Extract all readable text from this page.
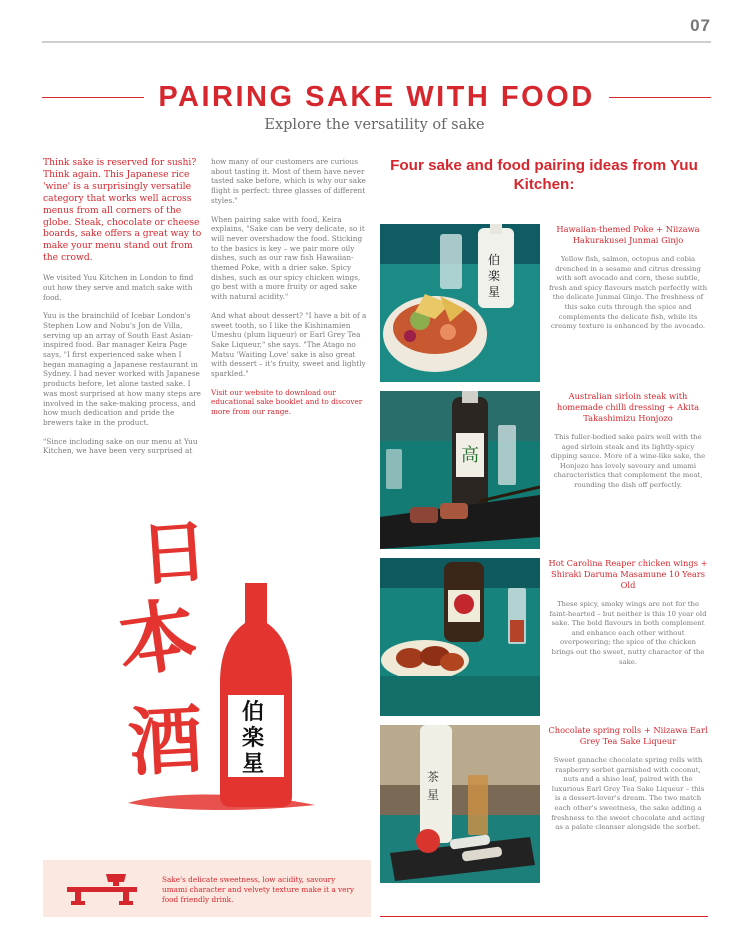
07
PAIRING SAKE WITH FOOD
Explore the versatility of sake

Think sake is reserved for sushi? Think again. This Japanese rice 'wine' is a surprisingly versatile category that works well across menus from all corners of the globe. Steak, chocolate or cheese boards, sake offers a great way to make your menu stand out from the crowd.

We visited Yuu Kitchen in London to find out how they serve and match sake with food.

Yuu is the brainchild of Icebar London's Stephen Low and Nobu's Jon de Villa, serving up an array of South East Asian-inspired food. Bar manager Keira Page says, "I first experienced sake when I began managing a Japanese restaurant in Sydney. I had never worked with Japanese products before, let alone tasted sake. I was most surprised at how many steps are involved in the sake-making process, and how much dedication and pride the brewers take in the product.

"Since including sake on our menu at Yuu Kitchen, we have been very surprised at

how many of our customers are curious about tasting it. Most of them have never tasted sake before, which is why our sake flight is perfect: three glasses of different styles."

When pairing sake with food, Keira explains, "Sake can be very delicate, so it will never overshadow the food. Sticking to the basics is key – we pair more oily dishes, such as our raw fish Hawaiian-themed Poke, with a drier sake. Spicy dishes, such as our spicy chicken wings, go best with a more fruity or aged sake with natural acidity."

And what about dessert? "I have a bit of a sweet tooth, so I like the Kishinamien Umeshu (plum liqueur) or Earl Grey Tea Sake Liqueur," she says. "The Atago no Matsu 'Waiting Love' sake is also great with dessert – it's fruity, sweet and lightly sparkled."

Visit our website to download our educational sake booklet and to discover more from our range.

Four sake and food pairing ideas from Yuu Kitchen:
伯
楽
星
Hawaiian-themed Poke + Niizawa Hakurakusei Junmai Ginjo
Yellow fish, salmon, octopus and cobia drenched in a sesame and citrus dressing with soft avocado and corn, these subtle, fresh and spicy flavours match perfectly with the delicate Junmai Ginjo. The freshness of this sake cuts through the spice and complements the delicate fish, while its creamy texture is enhanced by the avocado.
高
Australian sirloin steak with homemade chilli dressing + Akita Takashimizu Honjozo
This fuller-bodied sake pairs well with the aged sirloin steak and its lightly-spicy dipping sauce. More of a wine-like sake, the Honjozo has lovely savoury and umami characteristics that complement the meat, rounding the dish off perfectly.
Hot Carolina Reaper chicken wings + Shiraki Daruma Masamune 10 Years Old
These spicy, smoky wings are not for the faint-hearted – but neither is this 10 year old sake. The bold flavours in both complement and enhance each other without overpowering; the spice of the chicken brings out the sweet, nutty character of the sake.
茶
星
Chocolate spring rolls + Niizawa Earl Grey Tea Sake Liqueur
Sweet ganache chocolate spring rolls with raspberry sorbet garnished with coconut, nuts and a shiso leaf, paired with the luxurious Earl Grey Tea Sake Liqueur – this is a dessert-lover's dream. The two match each other's sweetness, the sake adding a freshness to the sweet chocolate and acting as a palate cleanser alongside the sorbet.
日
本
酒 伯
楽
星
Sake's delicate sweetness, low acidity, savoury umami character and velvety texture make it a very food friendly drink.
